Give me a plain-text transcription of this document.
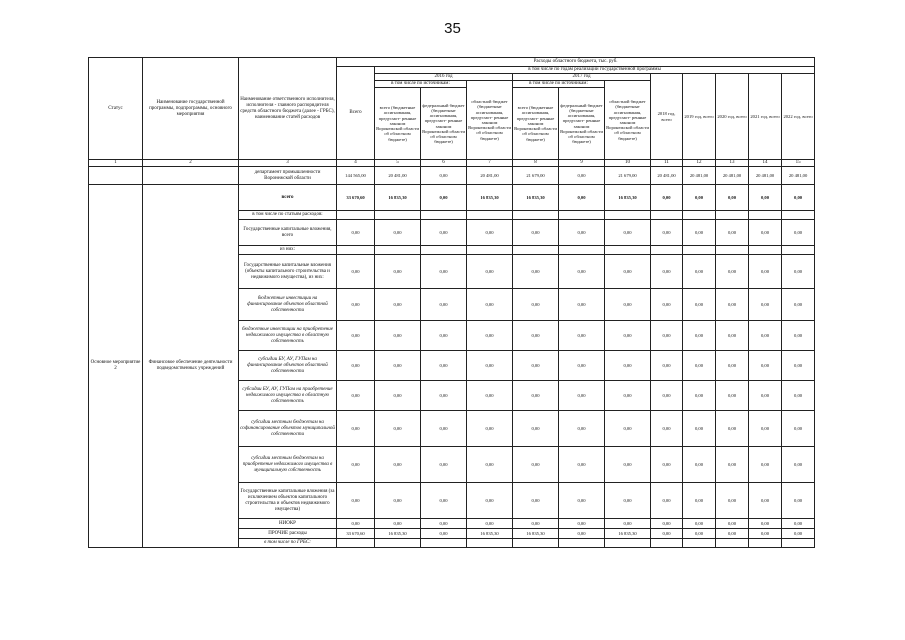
35
Статус	Наименование государственной программы, подпрограммы, основного мероприятия	Наименование ответственного исполнителя, исполнителя - главного распорядителя средств областного бюджета (далее - ГРБС), наименование статей расходов	Расходы областного бюджета, тыс. руб.											
			Всего	в том числе по годам реализации государственной программы										
				2016 год			2017 год			2018 год, всего	2019 год, всего	2020 год, всего	2021 год, всего	2022 год, всего
				в том числе по источникам:		областной бюджет (бюджетные ассигнования, предусмот- ренные законом Воронежской области об областном бюджете)	в том числе по источникам:		областной бюджет (бюджетные ассигнования, предусмот- ренные законом Воронежской области об областном бюджете)					
				всего (бюджетные ассигнования, предусмот- ренные законом Воронежской области об областном бюджете)	федеральный бюджет (бюджетные ассигнования, предусмот- ренные законом Воронежской области об областном бюджете)		всего (бюджетные ассигнования, предусмот- ренные законом Воронежской области об областном бюджете)	федеральный бюджет (бюджетные ассигнования, предусмот- ренные законом Воронежской области об областном бюджете)						
1	2	3	4	5	6	7	8	9	10	11	12	13	14	15
		департамент промышленности Воронежской области	144 565,00	20 481,00	0,00	20 481,00	21 679,00	0,00	21 679,00	20 481,00	20 481,00	20 481,00	20 481,00	20 481,00
Основное мероприятие 2	Финансовое обеспечение деятельности подведомственных учреждений	всего	33 670,60	16 835,30	0,00	16 835,30	16 835,30	0,00	16 835,30	0,00	0,00	0,00	0,00	0,00
		в том числе по статьям расходов:												
		Государственные капитальные вложения, всего	0,00	0,00	0,00	0,00	0,00	0,00	0,00	0,00	0,00	0,00	0,00	0,00
		из них:												
		Государственные капитальные вложения (объекты капитального строительства и недвижимого имущества), из них:	0,00	0,00	0,00	0,00	0,00	0,00	0,00	0,00	0,00	0,00	0,00	0,00
		бюджетные инвестиции на финансирование объектов областной собственности	0,00	0,00	0,00	0,00	0,00	0,00	0,00	0,00	0,00	0,00	0,00	0,00
		бюджетные инвестиции на приобретение недвижимого имущества в областную собственность	0,00	0,00	0,00	0,00	0,00	0,00	0,00	0,00	0,00	0,00	0,00	0,00
		субсидии БУ, АУ, ГУПам на финансирование объектов областной собственности	0,00	0,00	0,00	0,00	0,00	0,00	0,00	0,00	0,00	0,00	0,00	0,00
		субсидии БУ, АУ, ГУПам на приобретение недвижимого имущества в областную собственность	0,00	0,00	0,00	0,00	0,00	0,00	0,00	0,00	0,00	0,00	0,00	0,00
		субсидии местным бюджетам на софинансирование объектов муниципальной собственности	0,00	0,00	0,00	0,00	0,00	0,00	0,00	0,00	0,00	0,00	0,00	0,00
		субсидии местным бюджетам на приобретение недвижимого имущества в муниципальную собственность	0,00	0,00	0,00	0,00	0,00	0,00	0,00	0,00	0,00	0,00	0,00	0,00
		Государственные капитальные вложения (за исключением объектов капитального строительства и объектов недвижимого имущества)	0,00	0,00	0,00	0,00	0,00	0,00	0,00	0,00	0,00	0,00	0,00	0,00
		НИОКР	0,00	0,00	0,00	0,00	0,00	0,00	0,00	0,00	0,00	0,00	0,00	0,00
		ПРОЧИЕ расходы	33 670,60	16 835,30	0,00	16 835,30	16 835,30	0,00	16 835,30	0,00	0,00	0,00	0,00	0,00
		в том числе по ГРБС:												
